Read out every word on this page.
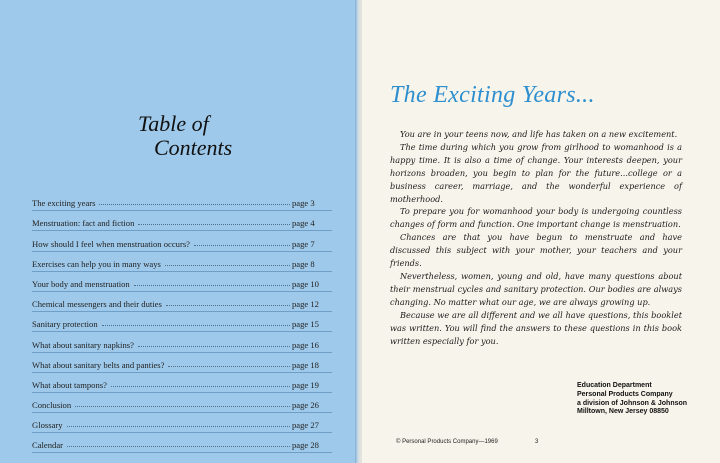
Table of
Contents
The exciting years	page 3
Menstruation: fact and fiction	page 4
How should I feel when menstruation occurs?	page 7
Exercises can help you in many ways	page 8
Your body and menstruation	page 10
Chemical messengers and their duties	page 12
Sanitary protection	page 15
What about sanitary napkins?	page 16
What about sanitary belts and panties?	page 18
What about tampons?	page 19
Conclusion	page 26
Glossary	page 27
Calendar	page 28
The Exciting Years...

You are in your teens now, and life has taken on a new excitement.

The time during which you grow from girlhood to womanhood is a happy time. It is also a time of change. Your interests deepen, your horizons broaden, you begin to plan for the future...college or a business career, marriage, and the wonderful experience of motherhood.

To prepare you for womanhood your body is undergoing countless changes of form and function. One important change is menstruation.

Chances are that you have begun to menstruate and have discussed this subject with your mother, your teachers and your friends.

Nevertheless, women, young and old, have many questions about their menstrual cycles and sanitary protection. Our bodies are always changing. No matter what our age, we are always growing up.

Because we are all different and we all have questions, this booklet was written. You will find the answers to these questions in this book written especially for you.

Education Department
Personal Products Company
a division of Johnson & Johnson
Milltown, New Jersey 08850
© Personal Products Company—1969	3
